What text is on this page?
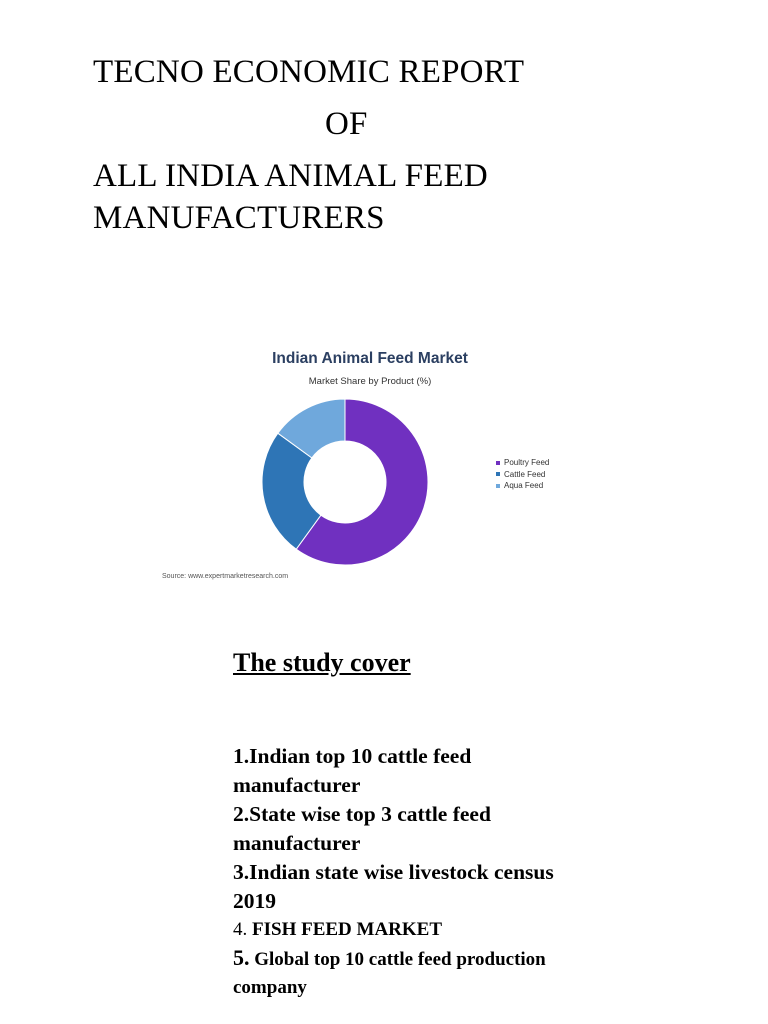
TECNO ECONOMIC REPORT
OF
ALL INDIA ANIMAL FEED
MANUFACTURERS
Indian Animal Feed Market
Market Share by Product (%)
Poultry Feed
Cattle Feed
Aqua Feed
Source: www.expertmarketresearch.com
The study cover

1.Indian top 10 cattle feed manufacturer

2.State wise top 3 cattle feed manufacturer

3.Indian state wise livestock census 2019

4. FISH FEED MARKET

5. Global top 10 cattle feed production company
